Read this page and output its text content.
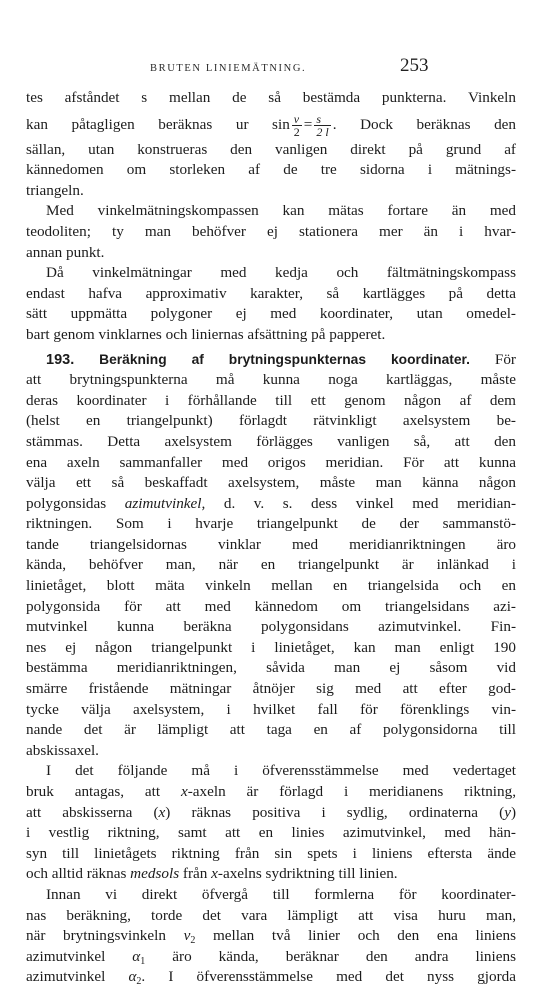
BRUTEN LINIEMÄTNING.	253
tes afståndet s mellan de så bestämda punkterna. Vinkeln
kan påtagligen beräknas ur $\sin \frac{v}{2} = \frac{s}{2 l}$ . Dock beräknas den
sällan, utan konstrueras den vanligen direkt på grund af
kännedomen om storleken af de tre sidorna i mätnings-
triangeln.
Med vinkelmätningskompassen kan mätas fortare än med
teodoliten; ty man behöfver ej stationera mer än i hvar-
annan punkt.
Då vinkelmätningar med kedja och fältmätningskompass
endast hafva approximativ karakter, så kartlägges på detta
sätt uppmätta polygoner ej med koordinater, utan omedel-
bart genom vinklarnes och liniernas afsättning på papperet.
193. Beräkning af brytningspunkternas koordinater. För
att brytningspunkterna må kunna noga kartläggas, måste
deras koordinater i förhållande till ett genom någon af dem
(helst en triangelpunkt) förlagdt rätvinkligt axelsystem be-
stämmas. Detta axelsystem förlägges vanligen så, att den
ena axeln sammanfaller med origos meridian. För att kunna
välja ett så beskaffadt axelsystem, måste man känna någon
polygonsidas azimutvinkel, d. v. s. dess vinkel med meridian-
riktningen. Som i hvarje triangelpunkt de der sammanstö-
tande triangelsidornas vinklar med meridianriktningen äro
kända, behöfver man, när en triangelpunkt är inlänkad i
linietåget, blott mäta vinkeln mellan en triangelsida och en
polygonsida för att med kännedom om triangelsidans azi-
mutvinkel kunna beräkna polygonsidans azimutvinkel. Fin-
nes ej någon triangelpunkt i linietåget, kan man enligt 190
bestämma meridianriktningen, såvida man ej såsom vid
smärre fristående mätningar åtnöjer sig med att efter god-
tycke välja axelsystem, i hvilket fall för förenklings vin-
nande det är lämpligt att taga en af polygonsidorna till
abskissaxel.
I det följande må i öfverensstämmelse med vedertaget
bruk antagas, att x-axeln är förlagd i meridianens riktning,
att abskisserna (x) räknas positiva i sydlig, ordinaterna (y)
i vestlig riktning, samt att en linies azimutvinkel, med hän-
syn till linietågets riktning från sin spets i liniens efterstа ände
och alltid räknas medsols från x-axelns sydriktning till linien.
Innan vi direkt öfvergå till formlerna för koordinater-
nas beräkning, torde det vara lämpligt att visa huru man,
när brytningsvinkeln $v_2$ mellan två linier och den ena liniens
azimutvinkel $\alpha_1$ äro kända, beräknar den andra liniens
azimutvinkel $\alpha_2$. I öfverensstämmelse med det nyss gjorda
